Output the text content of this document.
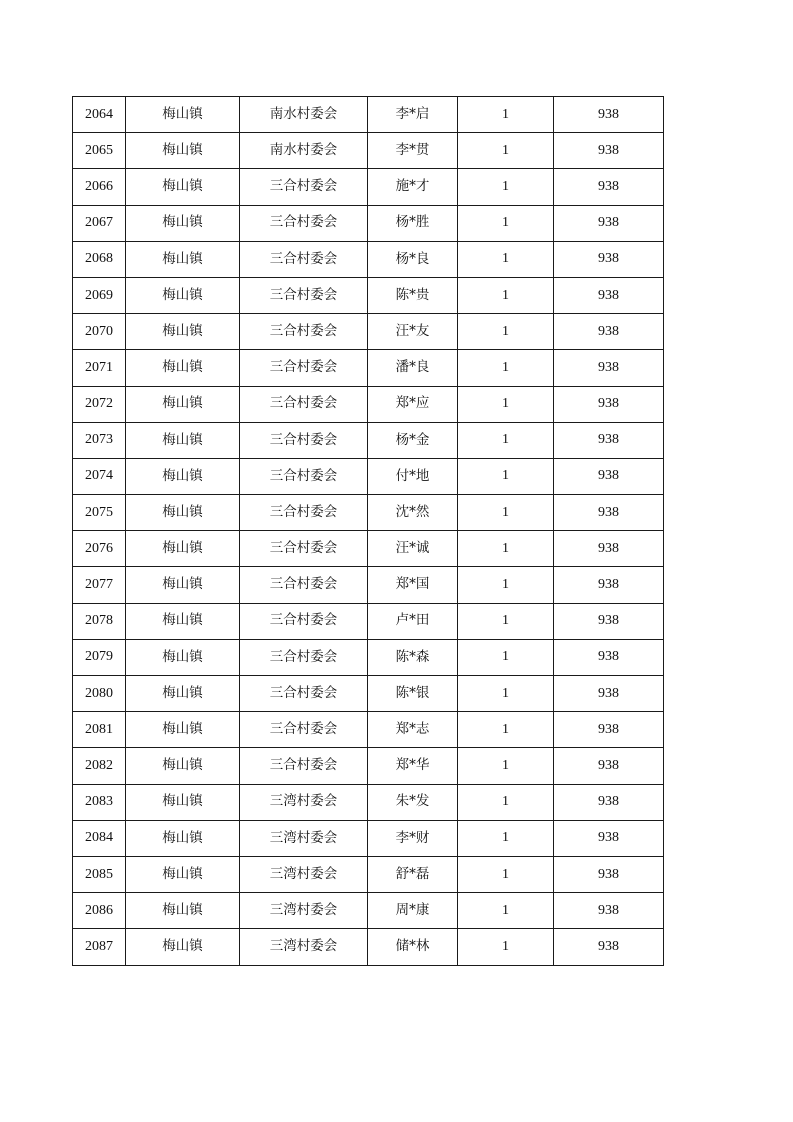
2064	梅山镇	南水村委会	李*启	1	938
2065	梅山镇	南水村委会	李*贯	1	938
2066	梅山镇	三合村委会	施*才	1	938
2067	梅山镇	三合村委会	杨*胜	1	938
2068	梅山镇	三合村委会	杨*良	1	938
2069	梅山镇	三合村委会	陈*贵	1	938
2070	梅山镇	三合村委会	汪*友	1	938
2071	梅山镇	三合村委会	潘*良	1	938
2072	梅山镇	三合村委会	郑*应	1	938
2073	梅山镇	三合村委会	杨*金	1	938
2074	梅山镇	三合村委会	付*地	1	938
2075	梅山镇	三合村委会	沈*然	1	938
2076	梅山镇	三合村委会	汪*诚	1	938
2077	梅山镇	三合村委会	郑*国	1	938
2078	梅山镇	三合村委会	卢*田	1	938
2079	梅山镇	三合村委会	陈*森	1	938
2080	梅山镇	三合村委会	陈*银	1	938
2081	梅山镇	三合村委会	郑*志	1	938
2082	梅山镇	三合村委会	郑*华	1	938
2083	梅山镇	三湾村委会	朱*发	1	938
2084	梅山镇	三湾村委会	李*财	1	938
2085	梅山镇	三湾村委会	舒*磊	1	938
2086	梅山镇	三湾村委会	周*康	1	938
2087	梅山镇	三湾村委会	储*林	1	938
